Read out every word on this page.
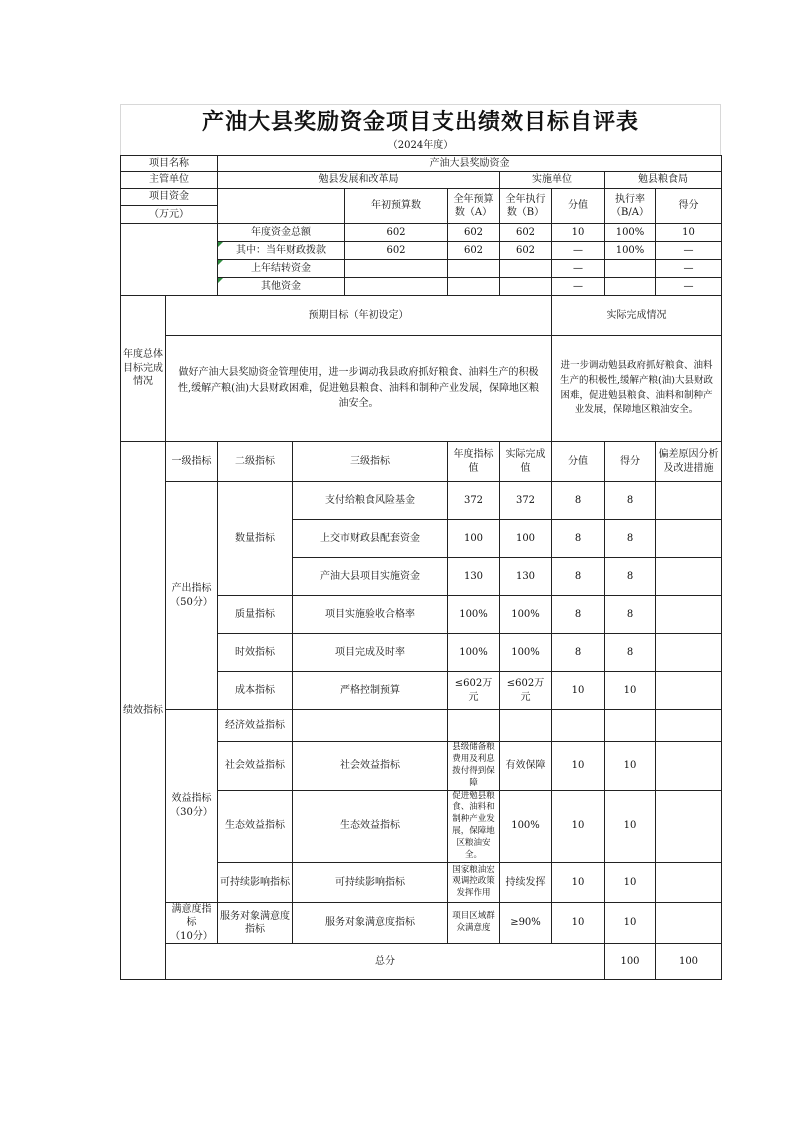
产油大县奖励资金项目支出绩效目标自评表
（2024年度）
项目名称		产油大县奖励资金								
主管单位		勉县发展和改革局				实施单位		勉县粮食局		

项目资金
（万元）				年初预算数	全年预算数（A）	全年执行数（B）	分值	执行率（B/A）	得分	
		年度资金总额		602	602	602	10	100%	10	
		其中：当年财政拨款		602	602	602	—	100%	—	
		上年结转资金					—		—	
		其他资金					—		—	
年度总体目标完成情况	预期目标（年初设定）						实际完成情况			
	做好产油大县奖励资金管理使用，进一步调动我县政府抓好粮食、油料生产的积极性,缓解产粮(油)大县财政困难，促进勉县粮食、油料和制种产业发展，保障地区粮油安全。						进一步调动勉县政府抓好粮食、油料生产的积极性,缓解产粮(油)大县财政困难，促进勉县粮食、油料和制种产业发展，保障地区粮油安全。			
绩效指标	一级指标	二级指标	三级指标		年度指标值	实际完成值	分值	得分	偏差原因分析及改进措施	
	产出指标
（50分）	数量指标	支付给粮食风险基金		372	372	8	8		
			上交市财政县配套资金		100	100	8	8		
			产油大县项目实施资金		130	130	8	8		
		质量指标	项目实施验收合格率		100%	100%	8	8		
		时效指标	项目完成及时率		100%	100%	8	8		
		成本指标	严格控制预算		≤602万元	≤602万元	10	10		
	效益指标
（30分）	经济效益指标								
		社会效益指标	社会效益指标		县级储备粮费用及利息拨付得到保障	有效保障	10	10		
		生态效益指标	生态效益指标		促进勉县粮食、油料和制种产业发展，保障地区粮油安全。	100%	10	10		
		可持续影响指标	可持续影响指标		国家粮油宏观调控政策发挥作用	持续发挥	10	10		
	满意度指标
（10分）	服务对象满意度指标	服务对象满意度指标		项目区域群众满意度	≥90%	10	10		
	总分							100	100	
